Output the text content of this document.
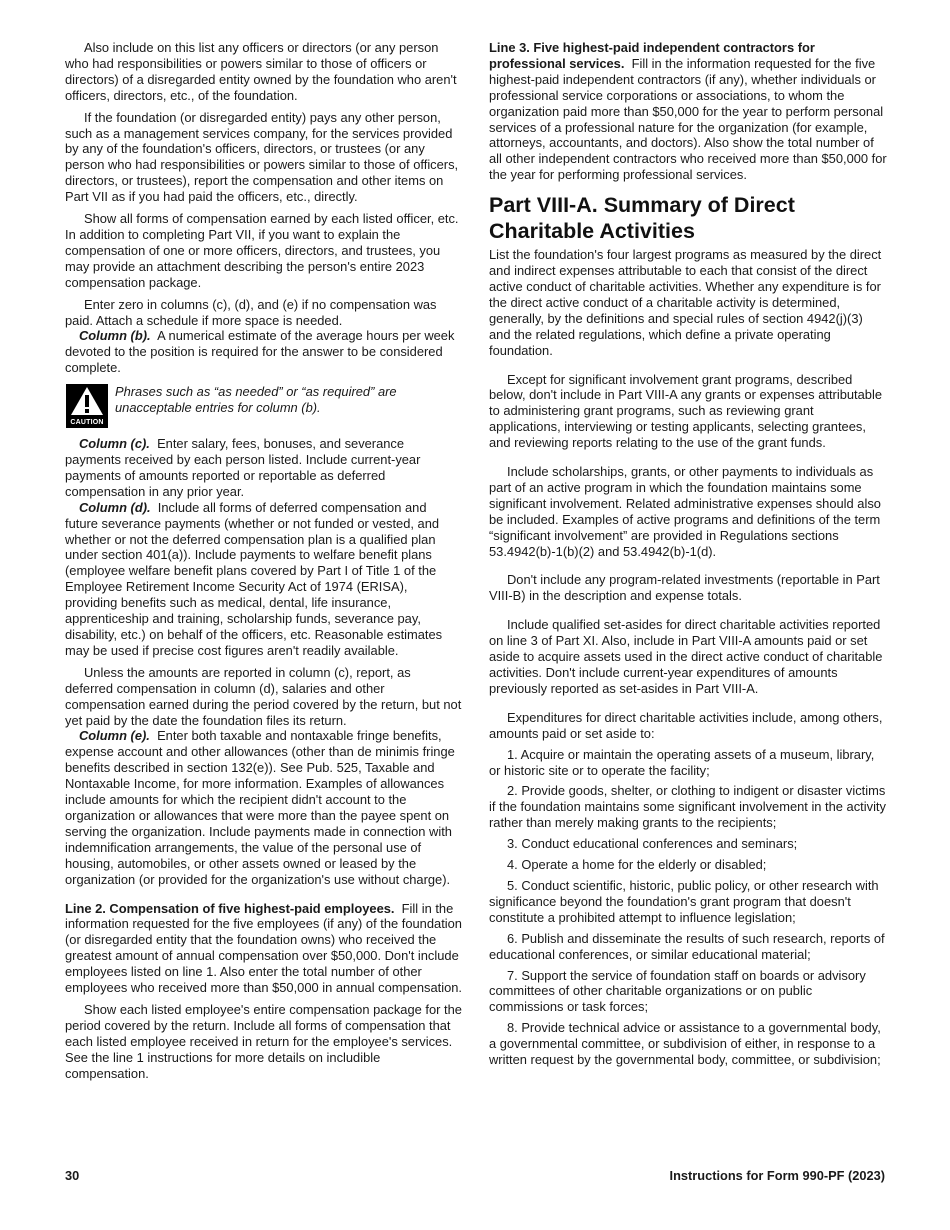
Also include on this list any officers or directors (or any person who had responsibilities or powers similar to those of officers or directors) of a disregarded entity owned by the foundation who aren't officers, directors, etc., of the foundation.

If the foundation (or disregarded entity) pays any other person, such as a management services company, for the services provided by any of the foundation's officers, directors, or trustees (or any person who had responsibilities or powers similar to those of officers, directors, or trustees), report the compensation and other items on Part VII as if you had paid the officers, etc., directly.

Show all forms of compensation earned by each listed officer, etc. In addition to completing Part VII, if you want to explain the compensation of one or more officers, directors, and trustees, you may provide an attachment describing the person's entire 2023 compensation package.

Enter zero in columns (c), (d), and (e) if no compensation was paid. Attach a schedule if more space is needed.

Column (b). A numerical estimate of the average hours per week devoted to the position is required for the answer to be considered complete.

CAUTION
Phrases such as “as needed” or “as required” are unacceptable entries for column (b).

Column (c). Enter salary, fees, bonuses, and severance payments received by each person listed. Include current-year payments of amounts reported or reportable as deferred compensation in any prior year.

Column (d). Include all forms of deferred compensation and future severance payments (whether or not funded or vested, and whether or not the deferred compensation plan is a qualified plan under section 401(a)). Include payments to welfare benefit plans (employee welfare benefit plans covered by Part I of Title 1 of the Employee Retirement Income Security Act of 1974 (ERISA), providing benefits such as medical, dental, life insurance, apprenticeship and training, scholarship funds, severance pay, disability, etc.) on behalf of the officers, etc. Reasonable estimates may be used if precise cost figures aren't readily available.

Unless the amounts are reported in column (c), report, as deferred compensation in column (d), salaries and other compensation earned during the period covered by the return, but not yet paid by the date the foundation files its return.

Column (e). Enter both taxable and nontaxable fringe benefits, expense account and other allowances (other than de minimis fringe benefits described in section 132(e)). See Pub. 525, Taxable and Nontaxable Income, for more information. Examples of allowances include amounts for which the recipient didn't account to the organization or allowances that were more than the payee spent on serving the organization. Include payments made in connection with indemnification arrangements, the value of the personal use of housing, automobiles, or other assets owned or leased by the organization (or provided for the organization's use without charge).

Line 2. Compensation of five highest-paid employees. Fill in the information requested for the five employees (if any) of the foundation (or disregarded entity that the foundation owns) who received the greatest amount of annual compensation over $50,000. Don't include employees listed on line 1. Also enter the total number of other employees who received more than $50,000 in annual compensation.

Show each listed employee's entire compensation package for the period covered by the return. Include all forms of compensation that each listed employee received in return for the employee's services. See the line 1 instructions for more details on includible compensation.

Line 3. Five highest-paid independent contractors for professional services. Fill in the information requested for the five highest-paid independent contractors (if any), whether individuals or professional service corporations or associations, to whom the organization paid more than $50,000 for the year to perform personal services of a professional nature for the organization (for example, attorneys, accountants, and doctors). Also show the total number of all other independent contractors who received more than $50,000 for the year for performing professional services.

Part VIII-A. Summary of Direct Charitable Activities

List the foundation's four largest programs as measured by the direct and indirect expenses attributable to each that consist of the direct active conduct of charitable activities. Whether any expenditure is for the direct active conduct of a charitable activity is determined, generally, by the definitions and special rules of section 4942(j)(3) and the related regulations, which define a private operating foundation.

Except for significant involvement grant programs, described below, don't include in Part VIII-A any grants or expenses attributable to administering grant programs, such as reviewing grant applications, interviewing or testing applicants, selecting grantees, and reviewing reports relating to the use of the grant funds.

Include scholarships, grants, or other payments to individuals as part of an active program in which the foundation maintains some significant involvement. Related administrative expenses should also be included. Examples of active programs and definitions of the term “significant involvement” are provided in Regulations sections 53.4942(b)-1(b)(2) and 53.4942(b)-1(d).

Don't include any program-related investments (reportable in Part VIII-B) in the description and expense totals.

Include qualified set-asides for direct charitable activities reported on line 3 of Part XI. Also, include in Part VIII-A amounts paid or set aside to acquire assets used in the direct active conduct of charitable activities. Don't include current-year expenditures of amounts previously reported as set-asides in Part VIII-A.

Expenditures for direct charitable activities include, among others, amounts paid or set aside to:

1. Acquire or maintain the operating assets of a museum, library, or historic site or to operate the facility;

2. Provide goods, shelter, or clothing to indigent or disaster victims if the foundation maintains some significant involvement in the activity rather than merely making grants to the recipients;

3. Conduct educational conferences and seminars;

4. Operate a home for the elderly or disabled;

5. Conduct scientific, historic, public policy, or other research with significance beyond the foundation's grant program that doesn't constitute a prohibited attempt to influence legislation;

6. Publish and disseminate the results of such research, reports of educational conferences, or similar educational material;

7. Support the service of foundation staff on boards or advisory committees of other charitable organizations or on public commissions or task forces;

8. Provide technical advice or assistance to a governmental body, a governmental committee, or subdivision of either, in response to a written request by the governmental body, committee, or subdivision;

30	Instructions for Form 990-PF (2023)
